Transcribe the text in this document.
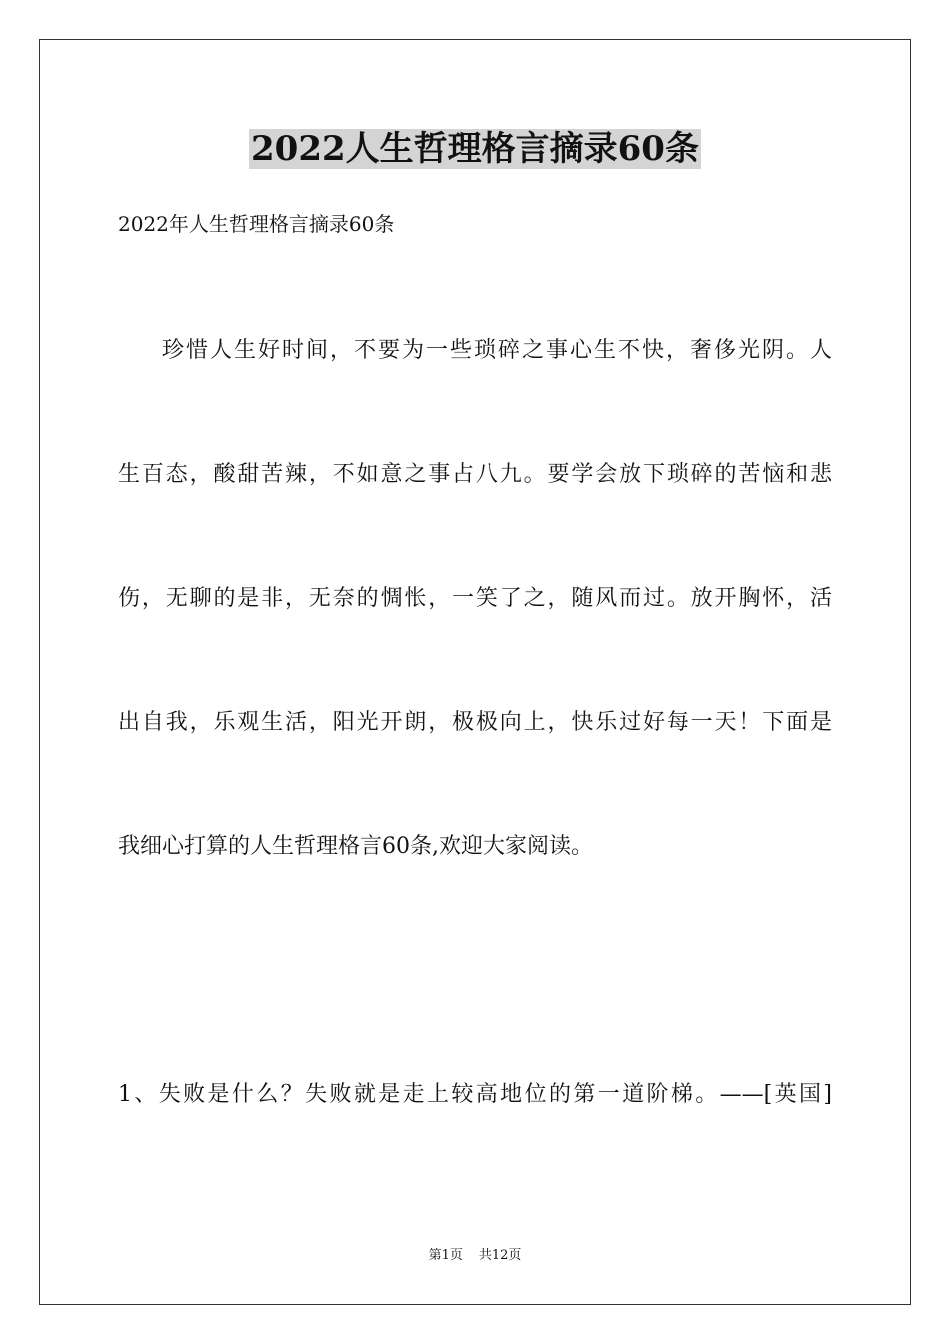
2022人生哲理格言摘录60条

2022年人生哲理格言摘录60条

珍惜人生好时间，不要为一些琐碎之事心生不快，奢侈光阴。人

生百态，酸甜苦辣，不如意之事占八九。要学会放下琐碎的苦恼和悲

伤，无聊的是非，无奈的惆怅，一笑了之，随风而过。放开胸怀，活

出自我，乐观生活，阳光开朗，极极向上，快乐过好每一天！下面是

我细心打算的人生哲理格言60条,欢迎大家阅读。

1、失败是什么？失败就是走上较高地位的第一道阶梯。——[英国]

第1页 共12页
